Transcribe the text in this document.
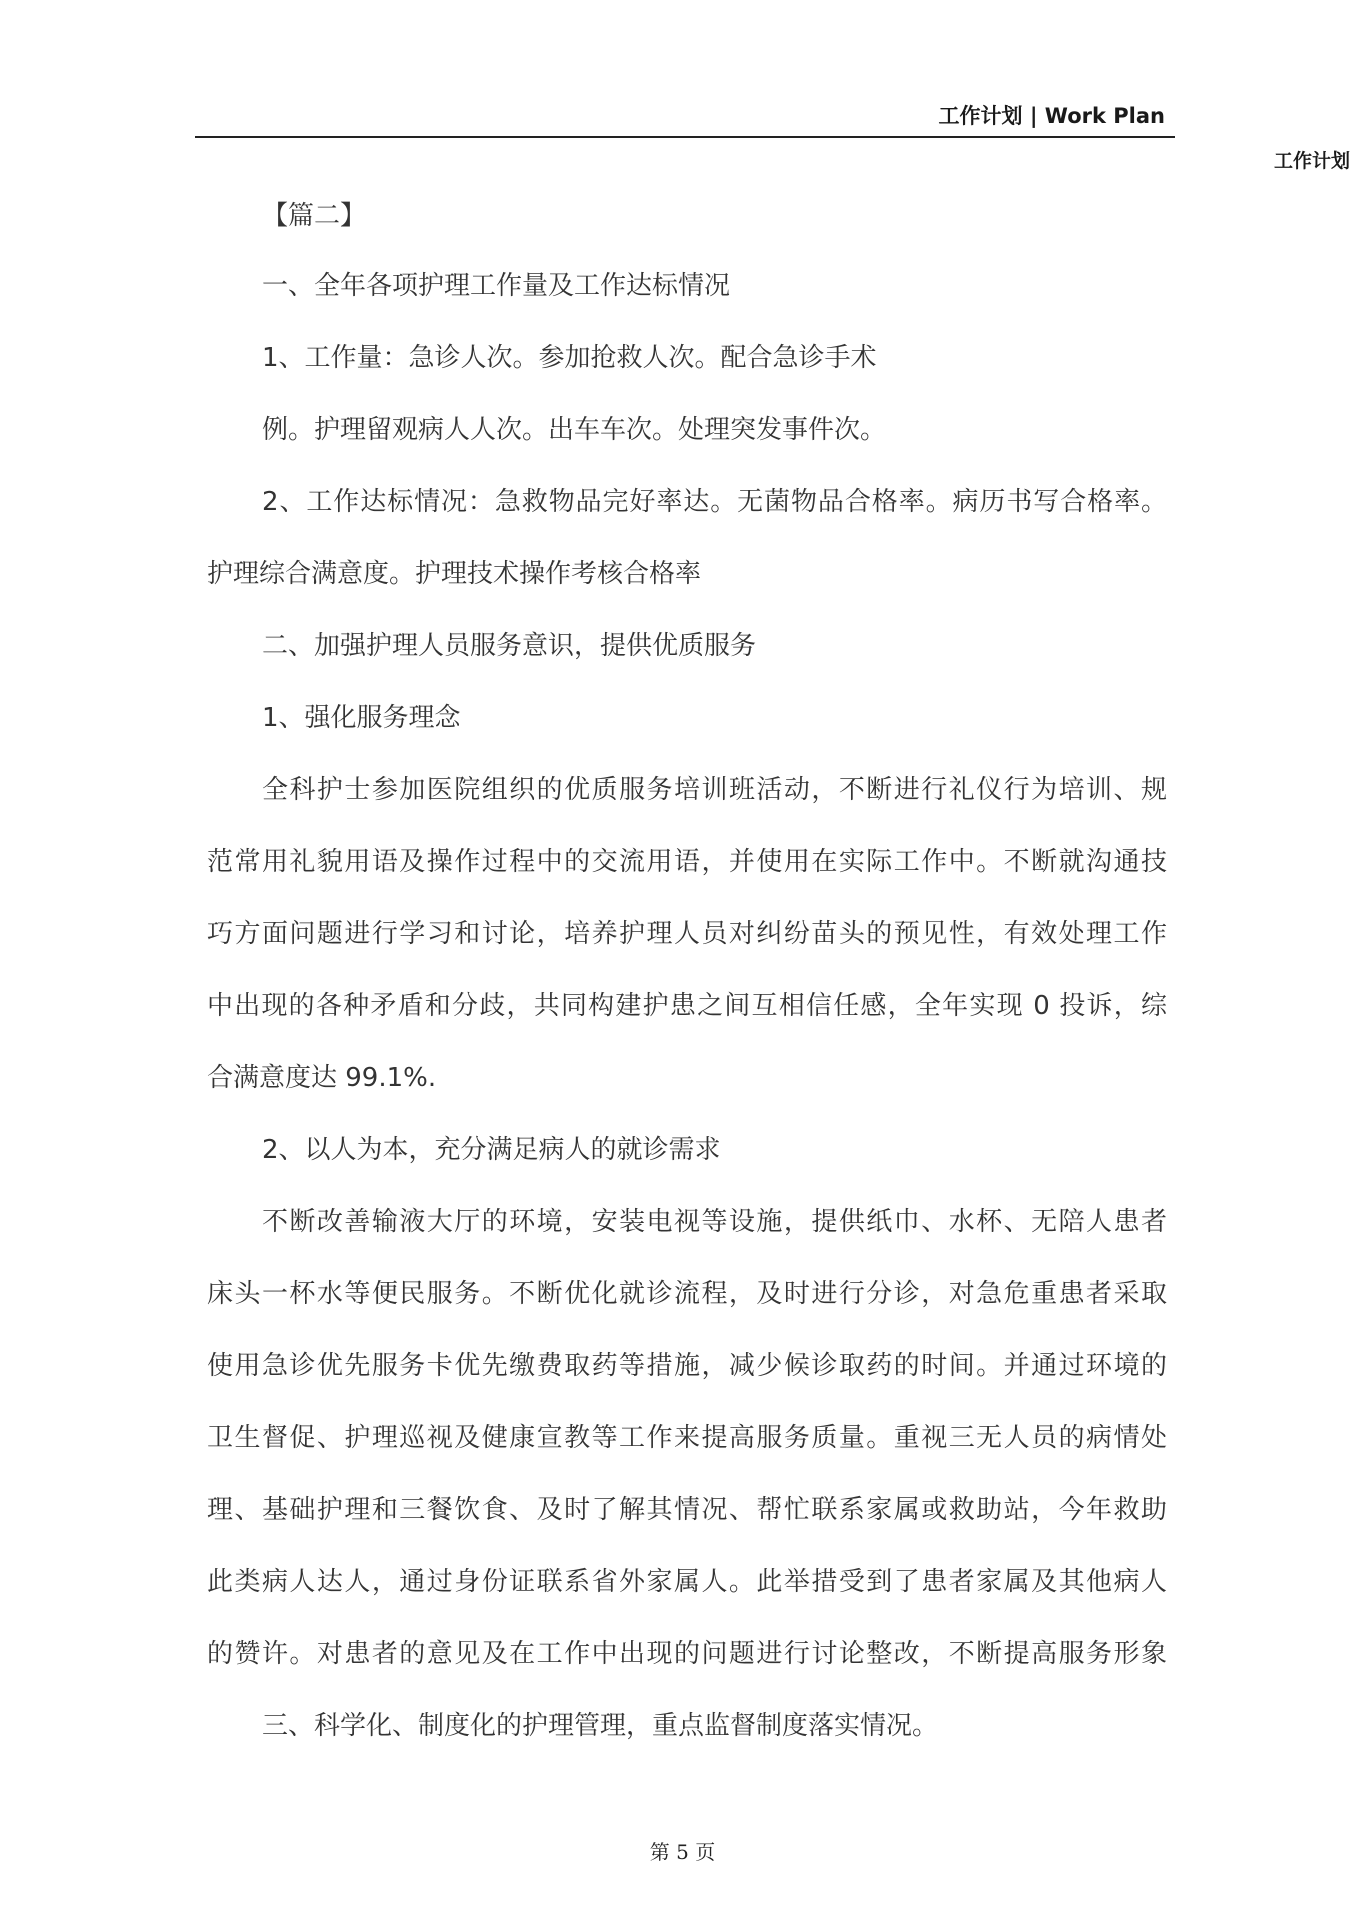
工作计划 | Work Plan
工作计划
【篇二】
一、全年各项护理工作量及工作达标情况
1、工作量：急诊人次。参加抢救人次。配合急诊手术
例。护理留观病人人次。出车车次。处理突发事件次。
2、工作达标情况：急救物品完好率达。无菌物品合格率。病历书写合格率。
护理综合满意度。护理技术操作考核合格率
二、加强护理人员服务意识，提供优质服务
1、强化服务理念
全科护士参加医院组织的优质服务培训班活动，不断进行礼仪行为培训、规
范常用礼貌用语及操作过程中的交流用语，并使用在实际工作中。不断就沟通技
巧方面问题进行学习和讨论，培养护理人员对纠纷苗头的预见性，有效处理工作
中出现的各种矛盾和分歧，共同构建护患之间互相信任感，全年实现 0 投诉，综
合满意度达 99.1%.
2、以人为本，充分满足病人的就诊需求
不断改善输液大厅的环境，安装电视等设施，提供纸巾、水杯、无陪人患者
床头一杯水等便民服务。不断优化就诊流程，及时进行分诊，对急危重患者采取
使用急诊优先服务卡优先缴费取药等措施，减少候诊取药的时间。并通过环境的
卫生督促、护理巡视及健康宣教等工作来提高服务质量。重视三无人员的病情处
理、基础护理和三餐饮食、及时了解其情况、帮忙联系家属或救助站，今年救助
此类病人达人，通过身份证联系省外家属人。此举措受到了患者家属及其他病人
的赞许。对患者的意见及在工作中出现的问题进行讨论整改，不断提高服务形象
三、科学化、制度化的护理管理，重点监督制度落实情况。
第 5 页
